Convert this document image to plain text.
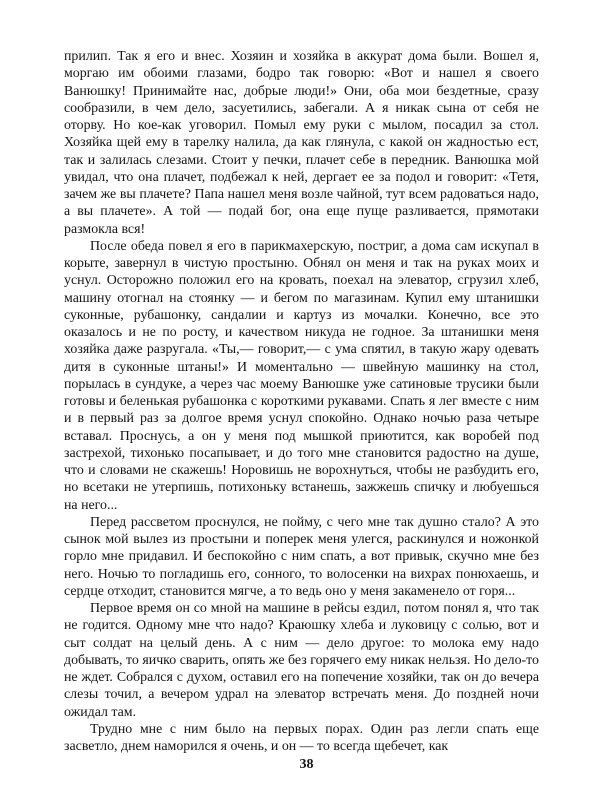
прилип. Так я его и внес. Хозяин и хозяйка в аккурат дома были. Вошел я, моргаю им обоими глазами, бодро так говорю: «Вот и нашел я своего Ванюшку! Принимайте нас, добрые люди!» Они, оба мои бездетные, сразу сообразили, в чем дело, засуетились, забегали. А я никак сына от себя не оторву. Но кое-как уговорил. Помыл ему руки с мылом, посадил за стол. Хозяйка щей ему в тарелку налила, да как глянула, с какой он жадностью ест, так и залилась слезами. Стоит у печки, плачет себе в передник. Ванюшка мой увидал, что она плачет, подбежал к ней, дергает ее за подол и говорит: «Тетя, зачем же вы плачете? Папа нашел меня возле чайной, тут всем радоваться надо, а вы плачете». А той — подай бог, она еще пуще разливается, прямотаки размокла вся!

После обеда повел я его в парикмахерскую, постриг, а дома сам искупал в корыте, завернул в чистую простыню. Обнял он меня и так на руках моих и уснул. Осторожно положил его на кровать, поехал на элеватор, сгрузил хлеб, машину отогнал на стоянку — и бегом по магазинам. Купил ему штанишки суконные, рубашонку, сандалии и картуз из мочалки. Конечно, все это оказалось и не по росту, и качеством никуда не годное. За штанишки меня хозяйка даже разругала. «Ты,— говорит,— с ума спятил, в такую жару одевать дитя в суконные штаны!» И моментально — швейную машинку на стол, порылась в сундуке, а через час моему Ванюшке уже сатиновые трусики были готовы и беленькая рубашонка с короткими рукавами. Спать я лег вместе с ним и в первый раз за долгое время уснул спокойно. Однако ночью раза четыре вставал. Проснусь, а он у меня под мышкой приютится, как воробей под застрехой, тихонько посапывает, и до того мне становится радостно на душе, что и словами не скажешь! Норовишь не ворохнуться, чтобы не разбудить его, но всетаки не утерпишь, потихоньку встанешь, зажжешь спичку и любуешься на него...

Перед рассветом проснулся, не пойму, с чего мне так душно стало? А это сынок мой вылез из простыни и поперек меня улегся, раскинулся и ножонкой горло мне придавил. И беспокойно с ним спать, а вот привык, скучно мне без него. Ночью то погладишь его, сонного, то волосенки на вихрах понюхаешь, и сердце отходит, становится мягче, а то ведь оно у меня закаменело от горя...

Первое время он со мной на машине в рейсы ездил, потом понял я, что так не годится. Одному мне что надо? Краюшку хлеба и луковицу с солью, вот и сыт солдат на целый день. А с ним — дело другое: то молока ему надо добывать, то яичко сварить, опять же без горячего ему никак нельзя. Но дело-то не ждет. Собрался с духом, оставил его на попечение хозяйки, так он до вечера слезы точил, а вечером удрал на элеватор встречать меня. До поздней ночи ожидал там.

Трудно мне с ним было на первых порах. Один раз легли спать еще засветло, днем наморился я очень, и он — то всегда щебечет, как

38
